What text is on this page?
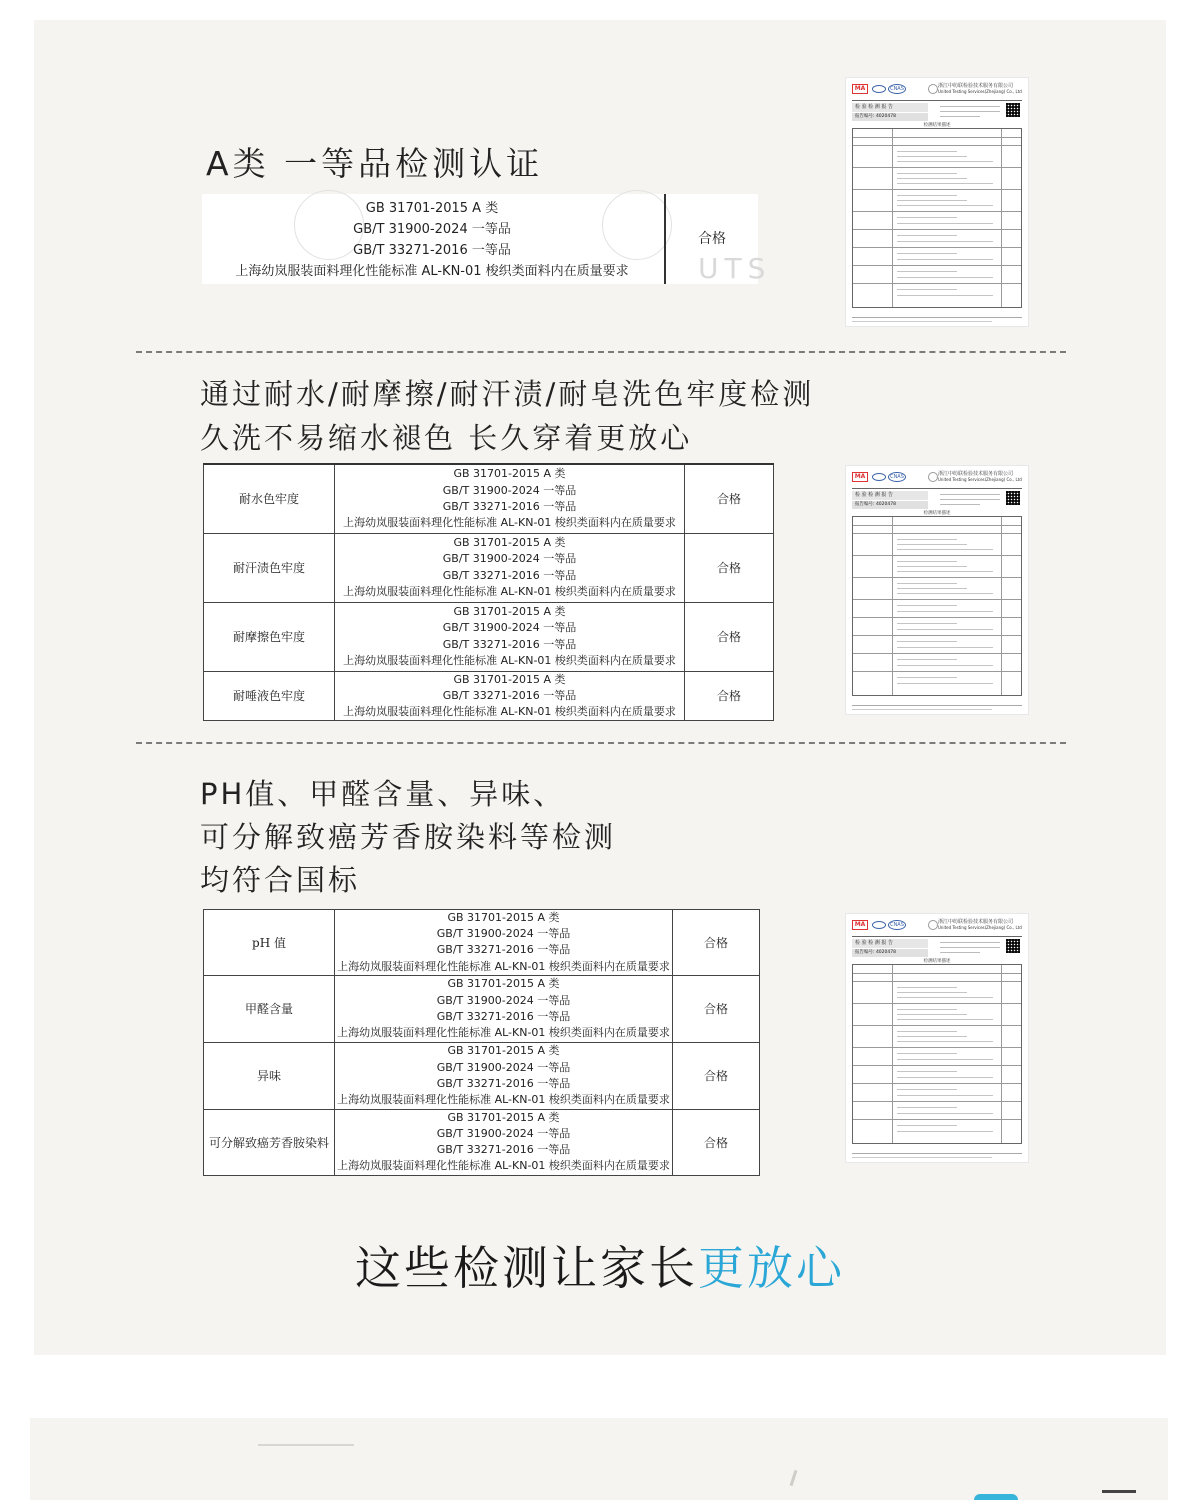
A类 一等品检测认证
UTS
GB 31701-2015 A 类
GB/T 31900-2024 一等品
GB/T 33271-2016 一等品
上海幼岚服装面料理化性能标准 AL-KN-01 梭织类面料内在质量要求
合格
MA	CNAS	浙江中纺联检验技术服务有限公司
United Testing Services(Zhejiang) Co., Ltd
检 验 检 测 报 告
报告编号: 4020478
检测结果描述
通过耐水/耐摩擦/耐汗渍/耐皂洗色牢度检测
久洗不易缩水褪色 长久穿着更放心
耐水色牢度	GB 31701-2015 A 类
GB/T 31900-2024 一等品
GB/T 33271-2016 一等品
上海幼岚服装面料理化性能标准 AL-KN-01 梭织类面料内在质量要求	合格
耐汗渍色牢度	GB 31701-2015 A 类
GB/T 31900-2024 一等品
GB/T 33271-2016 一等品
上海幼岚服装面料理化性能标准 AL-KN-01 梭织类面料内在质量要求	合格
耐摩擦色牢度	GB 31701-2015 A 类
GB/T 31900-2024 一等品
GB/T 33271-2016 一等品
上海幼岚服装面料理化性能标准 AL-KN-01 梭织类面料内在质量要求	合格
耐唾液色牢度	GB 31701-2015 A 类
GB/T 33271-2016 一等品
上海幼岚服装面料理化性能标准 AL-KN-01 梭织类面料内在质量要求	合格
MA	CNAS	浙江中纺联检验技术服务有限公司
United Testing Services(Zhejiang) Co., Ltd
检 验 检 测 报 告
报告编号: 4020478
检测结果描述
PH值、甲醛含量、异味、
可分解致癌芳香胺染料等检测
均符合国标
pH 值	GB 31701-2015 A 类
GB/T 31900-2024 一等品
GB/T 33271-2016 一等品
上海幼岚服装面料理化性能标准 AL-KN-01 梭织类面料内在质量要求	合格
甲醛含量	GB 31701-2015 A 类
GB/T 31900-2024 一等品
GB/T 33271-2016 一等品
上海幼岚服装面料理化性能标准 AL-KN-01 梭织类面料内在质量要求	合格
异味	GB 31701-2015 A 类
GB/T 31900-2024 一等品
GB/T 33271-2016 一等品
上海幼岚服装面料理化性能标准 AL-KN-01 梭织类面料内在质量要求	合格
可分解致癌芳香胺染料	GB 31701-2015 A 类
GB/T 31900-2024 一等品
GB/T 33271-2016 一等品
上海幼岚服装面料理化性能标准 AL-KN-01 梭织类面料内在质量要求	合格
MA	CNAS	浙江中纺联检验技术服务有限公司
United Testing Services(Zhejiang) Co., Ltd
检 验 检 测 报 告
报告编号: 4020478
检测结果描述
这些检测让家长更放心
